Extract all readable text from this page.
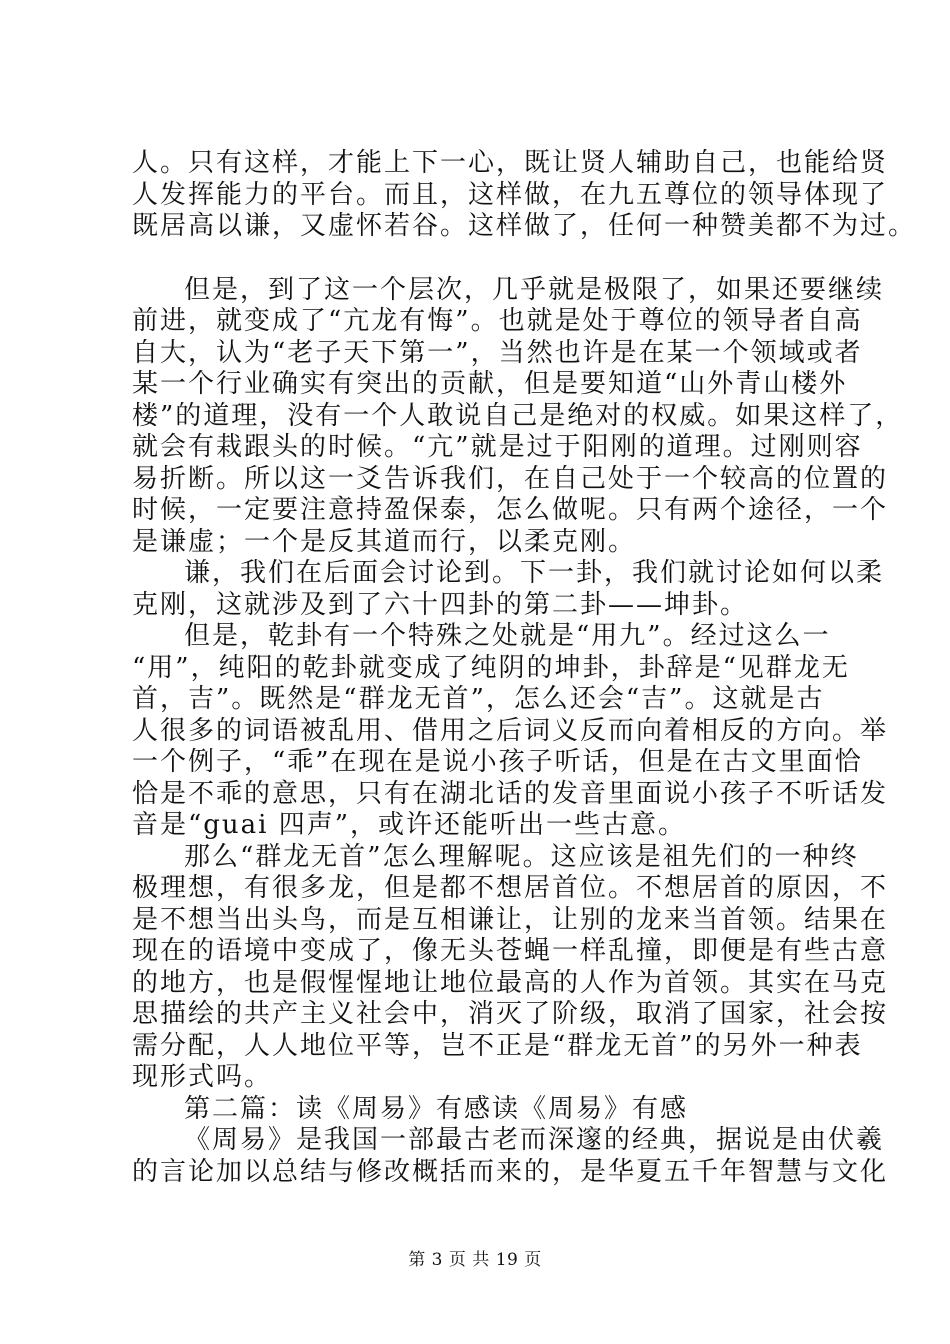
人。只有这样，才能上下一心，既让贤人辅助自己，也能给贤
人发挥能力的平台。而且，这样做，在九五尊位的领导体现了
既居高以谦，又虚怀若谷。这样做了，任何一种赞美都不为过。
但是，到了这一个层次，几乎就是极限了，如果还要继续
前进，就变成了“亢龙有悔”。也就是处于尊位的领导者自高
自大，认为“老子天下第一”，当然也许是在某一个领域或者
某一个行业确实有突出的贡献，但是要知道“山外青山楼外
楼”的道理，没有一个人敢说自己是绝对的权威。如果这样了，
就会有栽跟头的时候。“亢”就是过于阳刚的道理。过刚则容
易折断。所以这一爻告诉我们，在自己处于一个较高的位置的
时候，一定要注意持盈保泰，怎么做呢。只有两个途径，一个
是谦虚；一个是反其道而行，以柔克刚。
谦，我们在后面会讨论到。下一卦，我们就讨论如何以柔
克刚，这就涉及到了六十四卦的第二卦——坤卦。
但是，乾卦有一个特殊之处就是“用九”。经过这么一
“用”，纯阳的乾卦就变成了纯阴的坤卦，卦辞是“见群龙无
首，吉”。既然是“群龙无首”，怎么还会“吉”。这就是古
人很多的词语被乱用、借用之后词义反而向着相反的方向。举
一个例子，“乖”在现在是说小孩子听话，但是在古文里面恰
恰是不乖的意思，只有在湖北话的发音里面说小孩子不听话发
音是“guai 四声”，或许还能听出一些古意。
那么“群龙无首”怎么理解呢。这应该是祖先们的一种终
极理想，有很多龙，但是都不想居首位。不想居首的原因，不
是不想当出头鸟，而是互相谦让，让别的龙来当首领。结果在
现在的语境中变成了，像无头苍蝇一样乱撞，即便是有些古意
的地方，也是假惺惺地让地位最高的人作为首领。其实在马克
思描绘的共产主义社会中，消灭了阶级，取消了国家，社会按
需分配，人人地位平等，岂不正是“群龙无首”的另外一种表
现形式吗。
第二篇：读《周易》有感读《周易》有感
《周易》是我国一部最古老而深邃的经典，据说是由伏羲
的言论加以总结与修改概括而来的，是华夏五千年智慧与文化
第 3 页 共 19 页
